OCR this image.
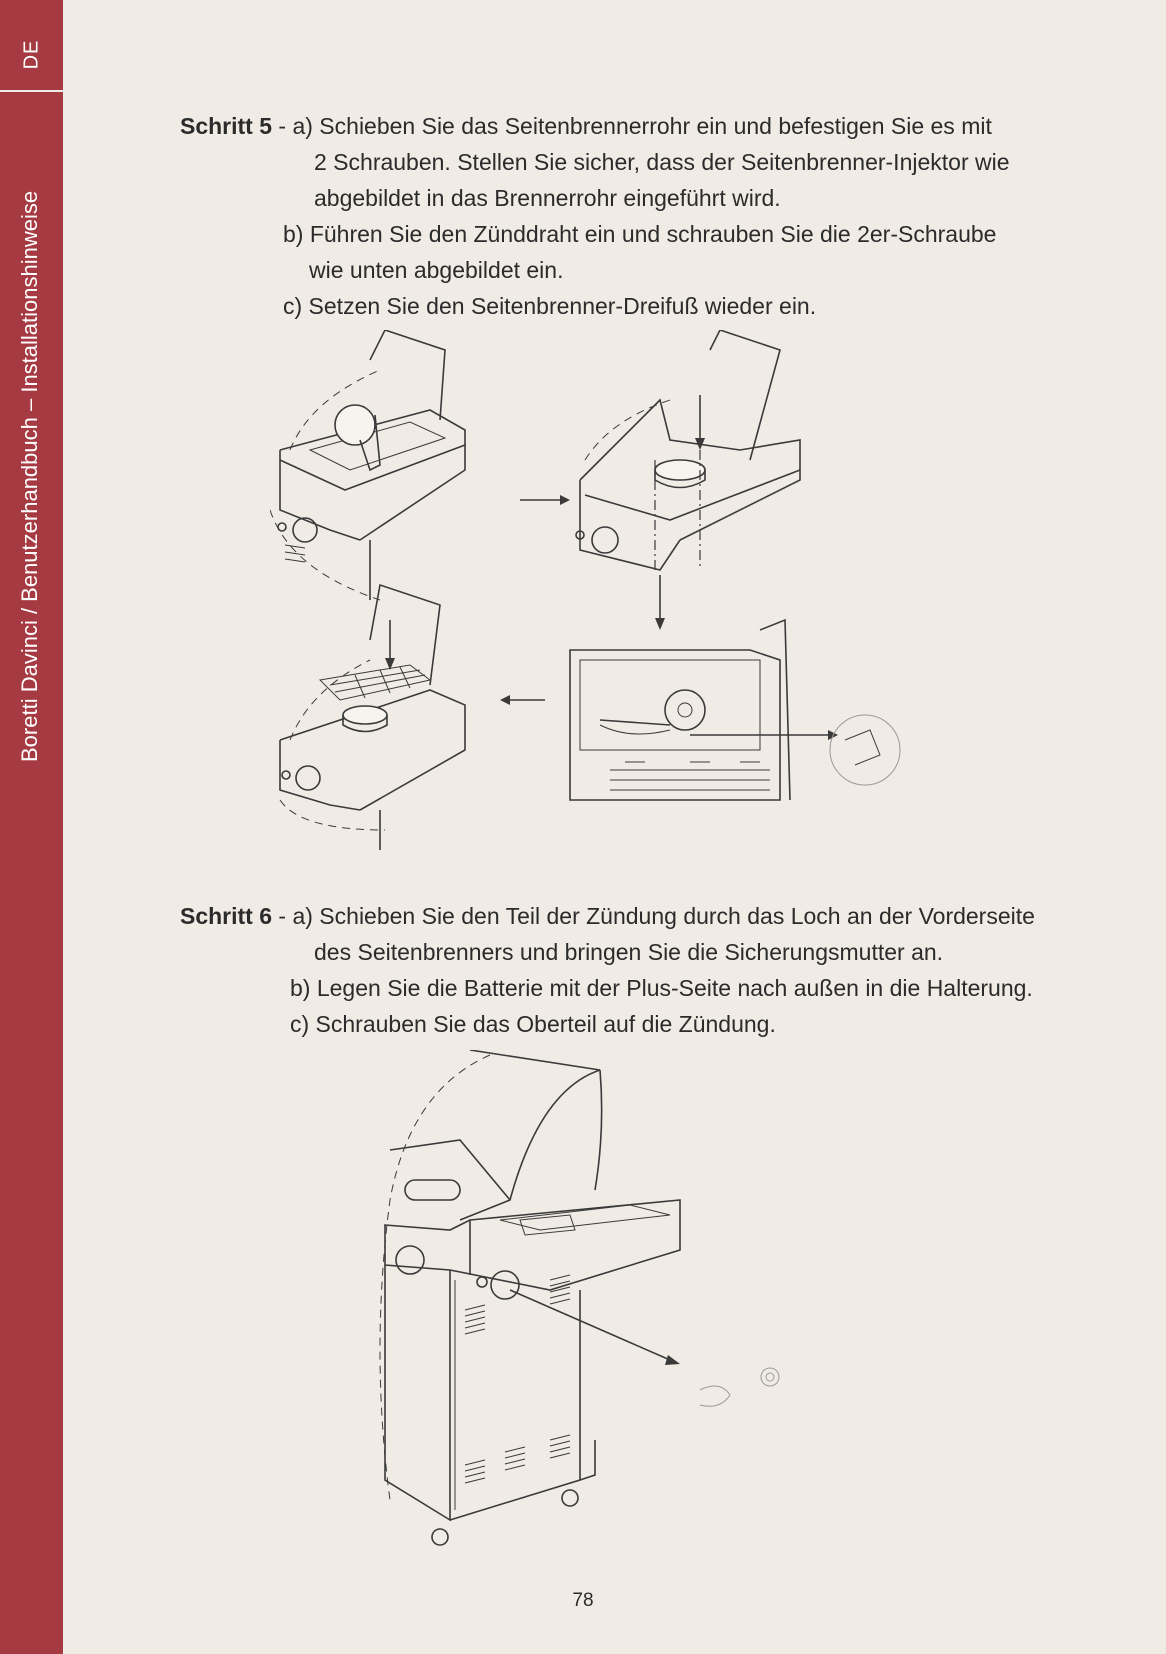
DE
Boretti Davinci / Benutzerhandbuch – Installationshinweise
Schritt 5 - a) Schieben Sie das Seitenbrennerrohr ein und befestigen Sie es mit
2 Schrauben. Stellen Sie sicher, dass der Seitenbrenner-Injektor wie
abgebildet in das Brennerrohr eingeführt wird.
b) Führen Sie den Zünddraht ein und schrauben Sie die 2er-Schraube
wie unten abgebildet ein.
c) Setzen Sie den Seitenbrenner-Dreifuß wieder ein.
Schritt 6 - a) Schieben Sie den Teil der Zündung durch das Loch an der Vorderseite
des Seitenbrenners und bringen Sie die Sicherungsmutter an.
b) Legen Sie die Batterie mit der Plus-Seite nach außen in die Halterung.
c) Schrauben Sie das Oberteil auf die Zündung.
78
